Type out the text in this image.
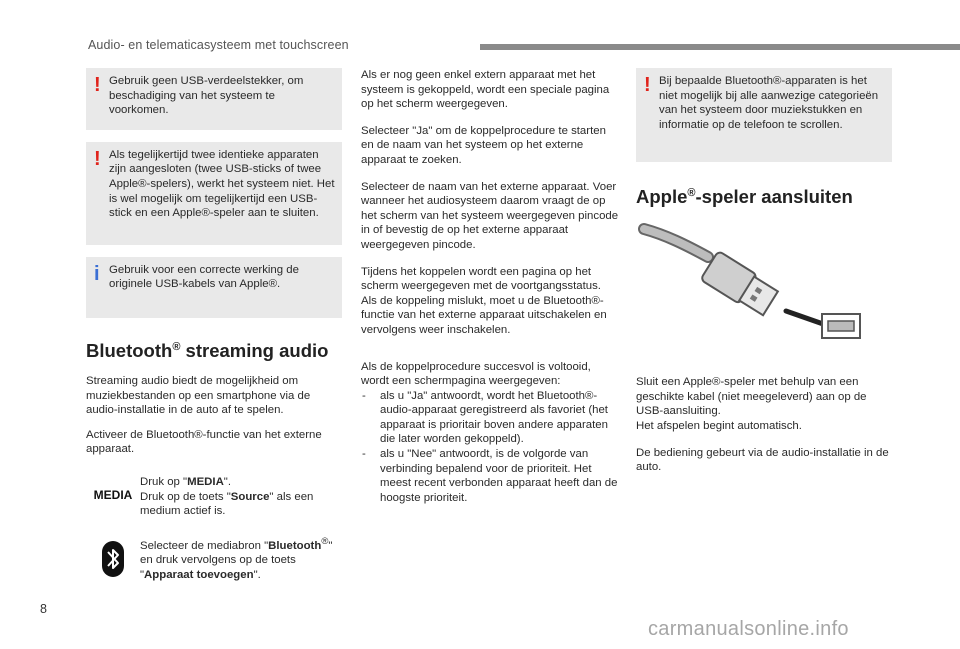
Audio- en telematicasysteem met touchscreen
! Gebruik geen USB-verdeelstekker, om beschadiging van het systeem te voorkomen.

! Als tegelijkertijd twee identieke apparaten zijn aangesloten (twee USB-sticks of twee Apple®-spelers), werkt het systeem niet. Het is wel mogelijk om tegelijkertijd een USB-stick en een Apple®-speler aan te sluiten.

i Gebruik voor een correcte werking de originele USB-kabels van Apple®.

Bluetooth® streaming audio

Streaming audio biedt de mogelijkheid om muziekbestanden op een smartphone via de audio-installatie in de auto af te spelen.

Activeer de Bluetooth®-functie van het externe apparaat.

MEDIA

Druk op "MEDIA".

Druk op de toets "Source" als een medium actief is.

Selecteer de mediabron "Bluetooth®" en druk vervolgens op de toets "Apparaat toevoegen".

Als er nog geen enkel extern apparaat met het systeem is gekoppeld, wordt een speciale pagina op het scherm weergegeven.

Selecteer "Ja" om de koppelprocedure te starten en de naam van het systeem op het externe apparaat te zoeken.

Selecteer de naam van het externe apparaat. Voer wanneer het audiosysteem daarom vraagt de op het scherm van het systeem weergegeven pincode in of bevestig de op het externe apparaat weergegeven pincode.

Tijdens het koppelen wordt een pagina op het scherm weergegeven met de voortgangsstatus.

Als de koppeling mislukt, moet u de Bluetooth®-functie van het externe apparaat uitschakelen en vervolgens weer inschakelen.

Als de koppelprocedure succesvol is voltooid, wordt een schermpagina weergegeven:

- als u "Ja" antwoordt, wordt het Bluetooth®-audio-apparaat geregistreerd als favoriet (het apparaat is prioritair boven andere apparaten die later worden gekoppeld).
- als u "Nee" antwoordt, is de volgorde van verbinding bepalend voor de prioriteit. Het meest recent verbonden apparaat heeft dan de hoogste prioriteit.
! Bij bepaalde Bluetooth®-apparaten is het niet mogelijk bij alle aanwezige categorieën van het systeem door muziekstukken en informatie op de telefoon te scrollen.

Apple®-speler aansluiten

Sluit een Apple®-speler met behulp van een geschikte kabel (niet meegeleverd) aan op de USB-aansluiting.

Het afspelen begint automatisch.

De bediening gebeurt via de audio-installatie in de auto.

8
carmanualsonline.info
